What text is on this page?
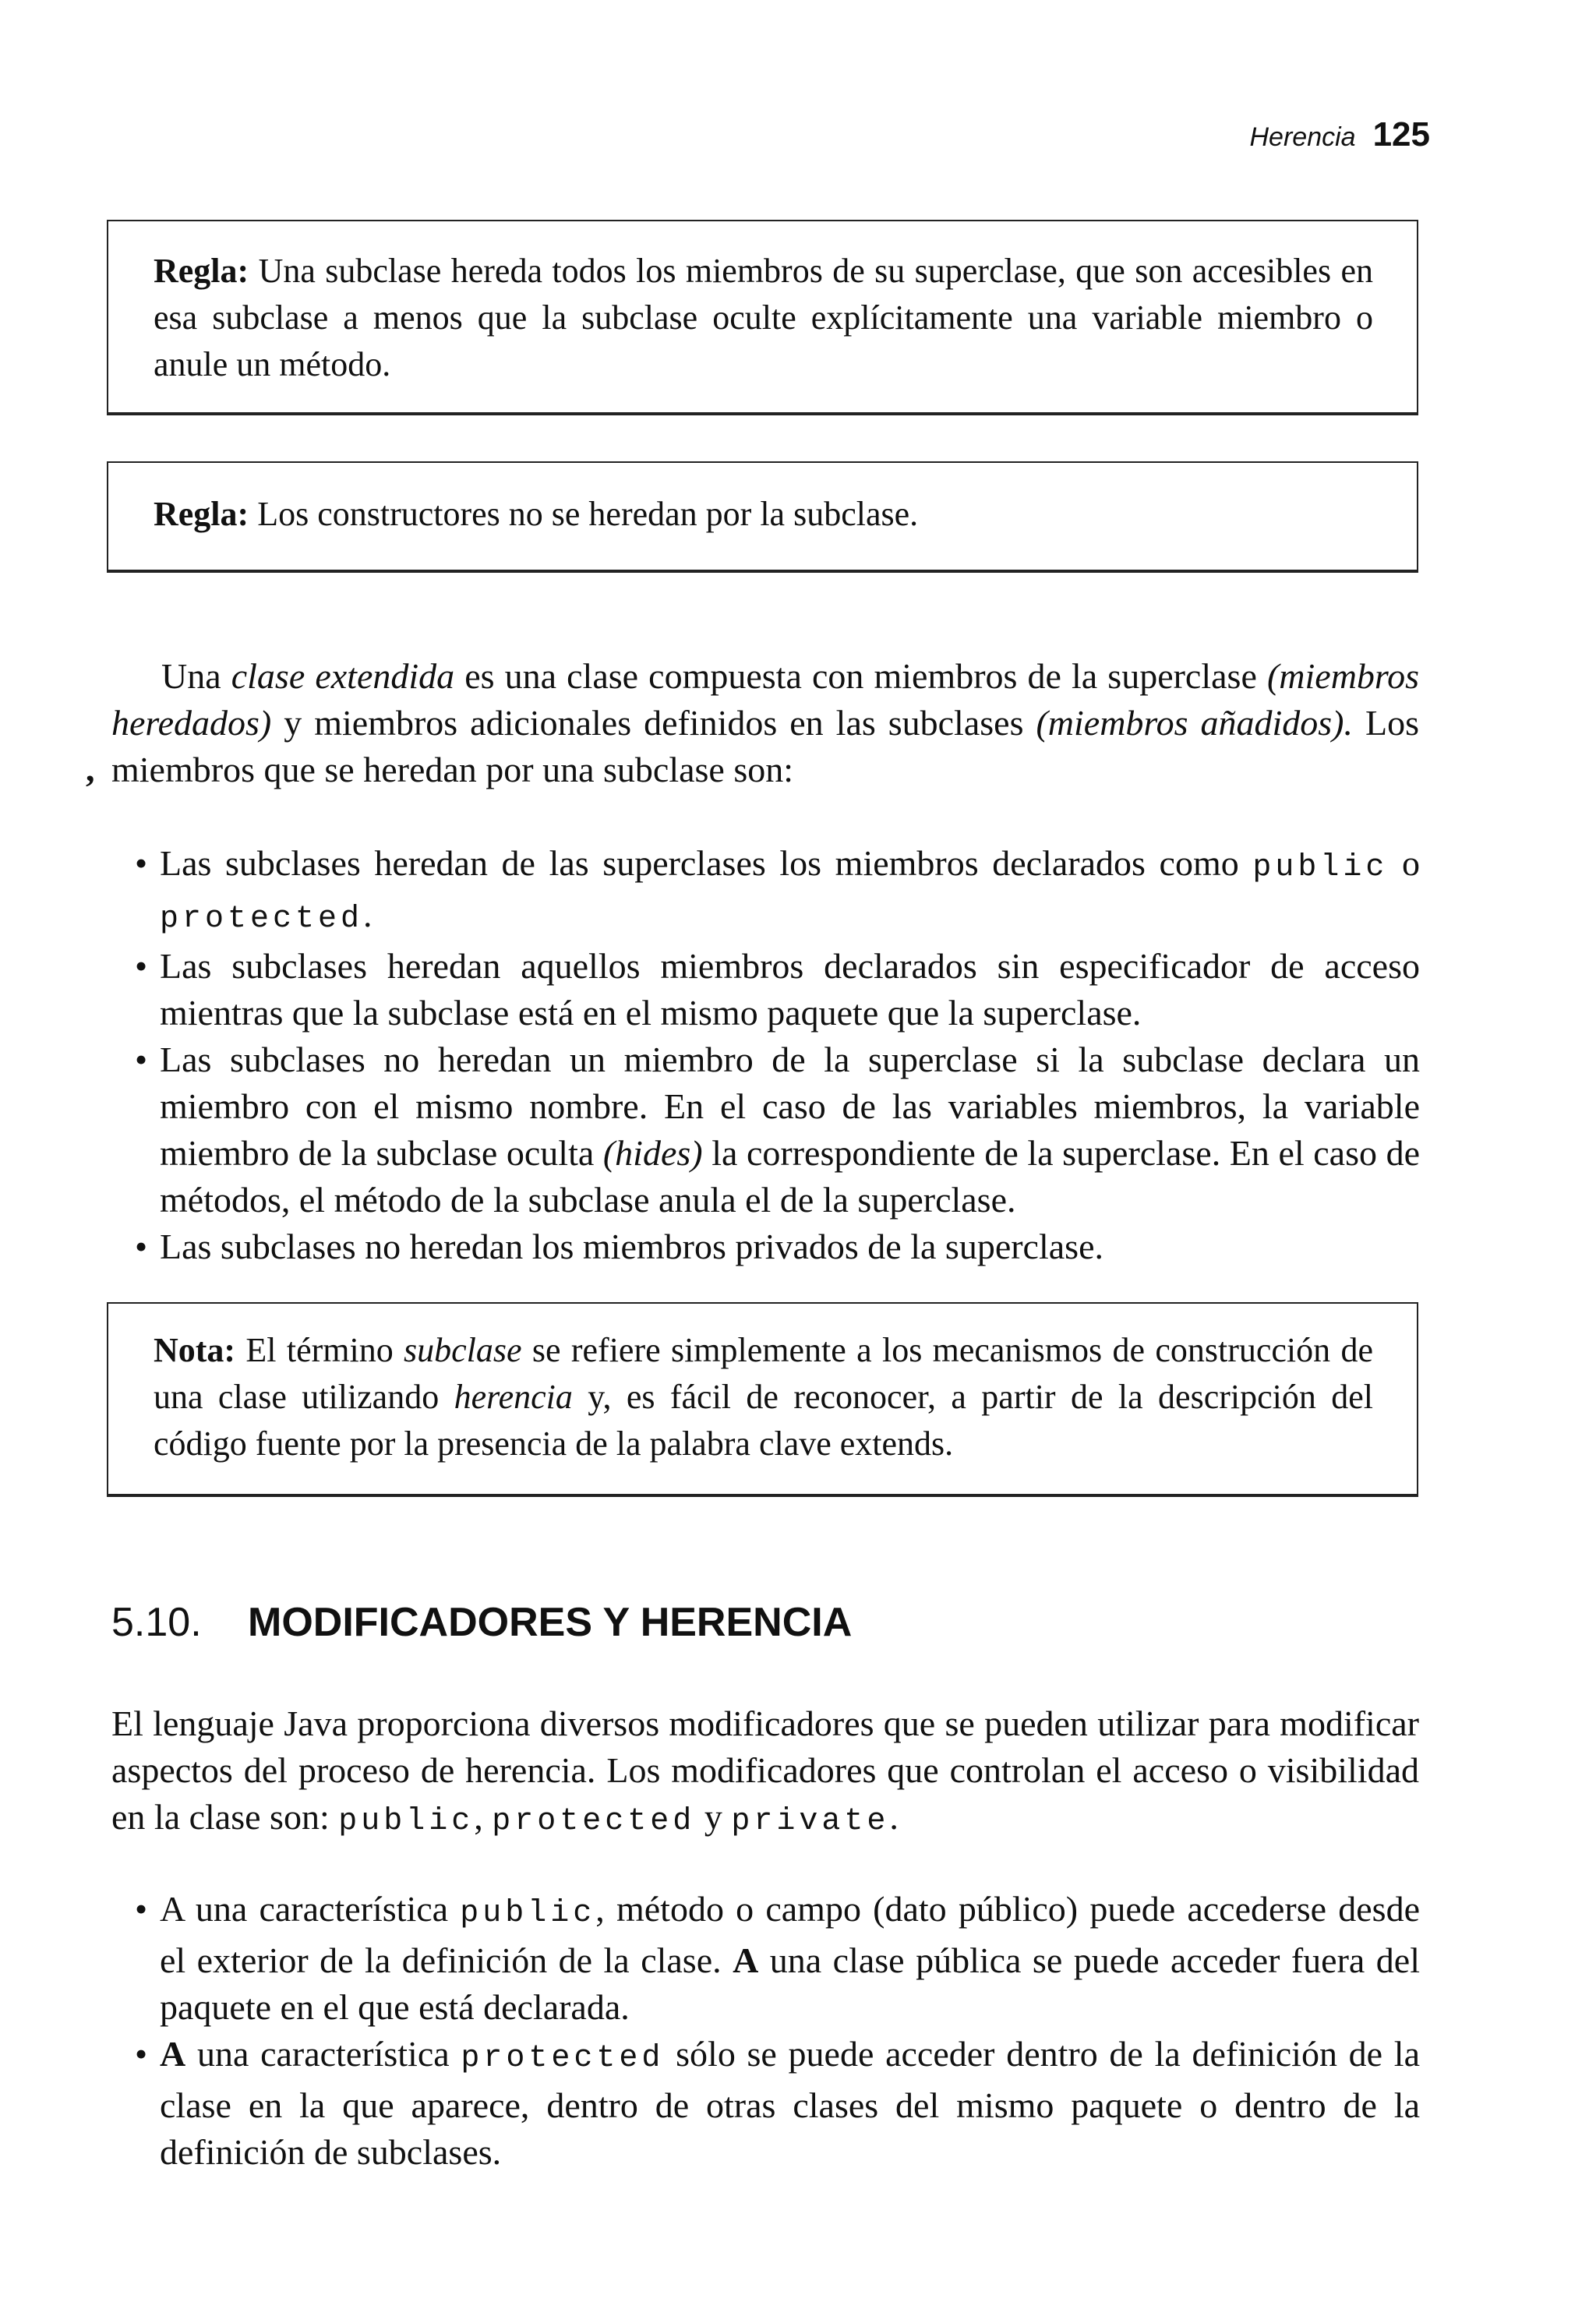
Herencia 125
Regla: Una subclase hereda todos los miembros de su superclase, que son accesibles en esa subclase a menos que la subclase oculte explícitamente una variable miembro o anule un método.
Regla: Los constructores no se heredan por la subclase.
Una clase extendida es una clase compuesta con miembros de la superclase (miembros heredados) y miembros adicionales definidos en las subclases (miembros añadidos). Los miembros que se heredan por una subclase son:
,
• Las subclases heredan de las superclases los miembros declarados como public o protected.
• Las subclases heredan aquellos miembros declarados sin especificador de acceso mientras que la subclase está en el mismo paquete que la superclase.
• Las subclases no heredan un miembro de la superclase si la subclase declara un miembro con el mismo nombre. En el caso de las variables miembros, la variable miembro de la subclase oculta (hides) la correspondiente de la superclase. En el caso de métodos, el método de la subclase anula el de la superclase.
• Las subclases no heredan los miembros privados de la superclase.
Nota: El término subclase se refiere simplemente a los mecanismos de construcción de una clase utilizando herencia y, es fácil de reconocer, a partir de la descripción del código fuente por la presencia de la palabra clave extends.
5.10. MODIFICADORES Y HERENCIA
El lenguaje Java proporciona diversos modificadores que se pueden utilizar para modificar aspectos del proceso de herencia. Los modificadores que controlan el acceso o visibilidad en la clase son: public, protected y private.
• A una característica public, método o campo (dato público) puede accederse desde el exterior de la definición de la clase. A una clase pública se puede acceder fuera del paquete en el que está declarada.
• A una característica protected sólo se puede acceder dentro de la definición de la clase en la que aparece, dentro de otras clases del mismo paquete o dentro de la definición de subclases.
